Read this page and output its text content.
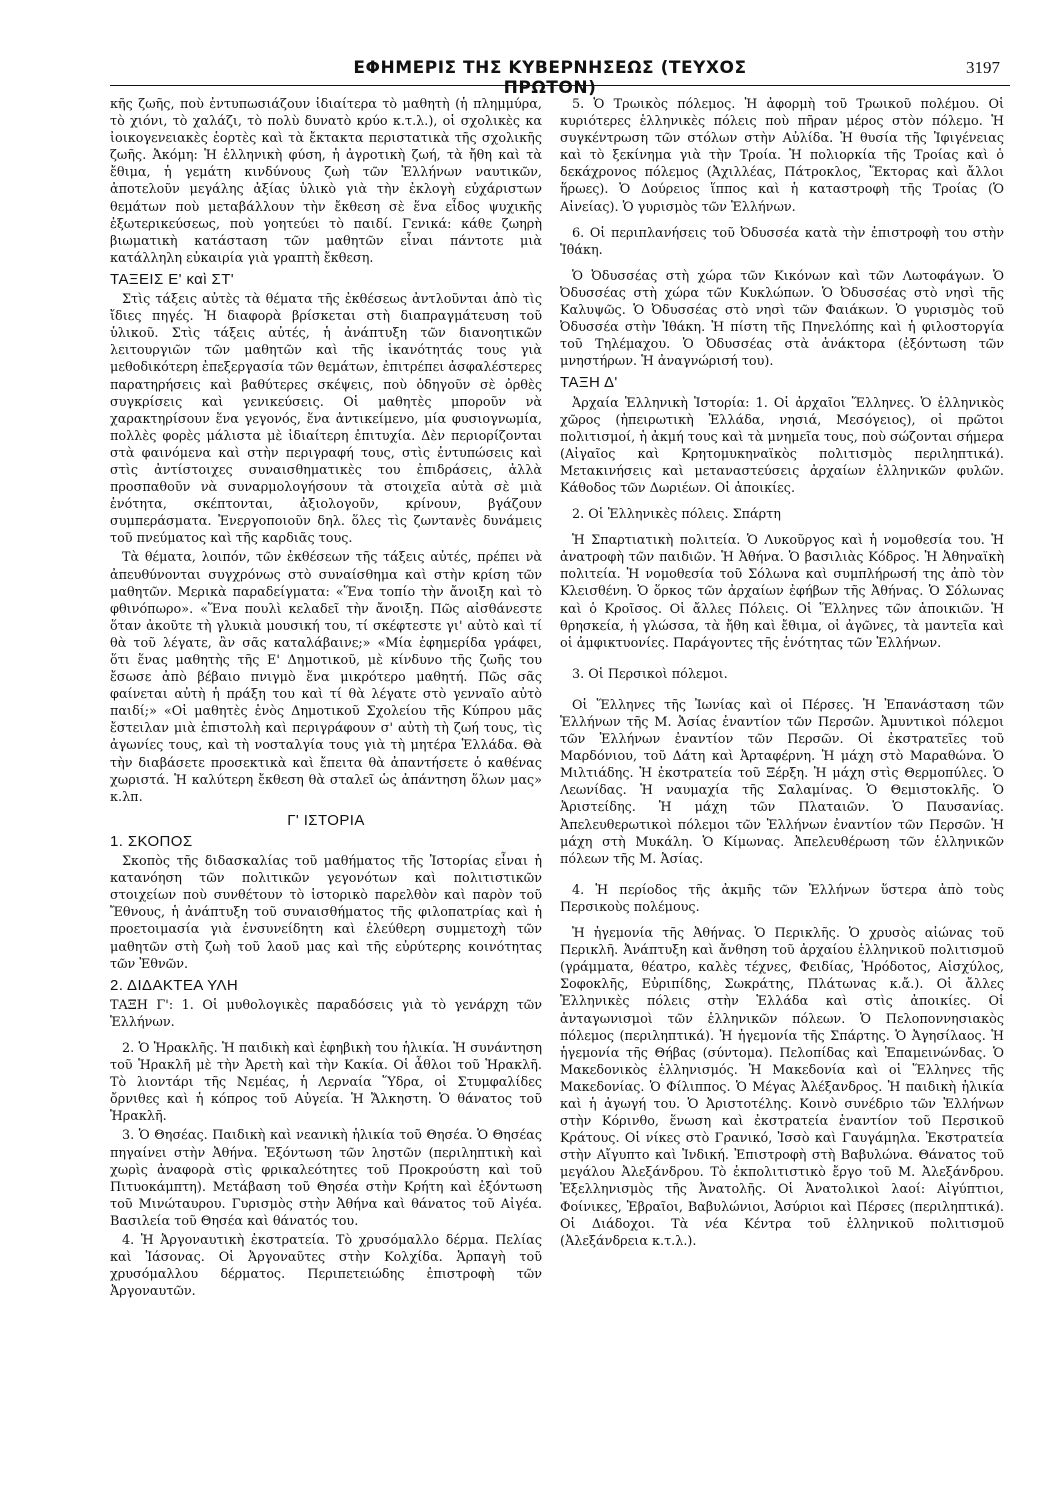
ΕΦΗΜΕΡΙΣ ΤΗΣ ΚΥΒΕΡΝΗΣΕΩΣ (ΤΕΥΧΟΣ ΠΡΩΤΟΝ)
3197

κῆς ζωῆς, ποὺ ἐντυπωσιάζουν ἰδιαίτερα τὸ μαθητὴ (ἡ πλημμύρα, τὸ χιόνι, τὸ χαλάζι, τὸ πολὺ δυνατὸ κρύο κ.τ.λ.), οἱ σχολικὲς κα ἰοικογενειακὲς ἑορτὲς καὶ τὰ ἔκτακτα περιστατικὰ τῆς σχολικῆς ζωῆς. Ἀκόμη: Ἡ ἑλληνικὴ φύση, ἡ ἀγροτικὴ ζωή, τὰ ἤθη καὶ τὰ ἔθιμα, ἡ γεμάτη κινδύνους ζωὴ τῶν Ἑλλήνων ναυτικῶν, ἀποτελοῦν μεγάλης ἀξίας ὑλικὸ γιὰ τὴν ἐκλογὴ εὐχάριστων θεμάτων ποὺ μεταβάλλουν τὴν ἔκθεση σὲ ἕνα εἶδος ψυχικῆς ἐξωτερικεύσεως, ποὺ γοητεύει τὸ παιδί. Γενικά: κάθε ζωηρὴ βιωματικὴ κατάσταση τῶν μαθητῶν εἶναι πάντοτε μιὰ κατάλληλη εὐκαιρία γιὰ γραπτὴ ἔκθεση.

ΤΑΞΕΙΣ Ε' καὶ ΣΤ'

Στὶς τάξεις αὐτὲς τὰ θέματα τῆς ἐκθέσεως ἀντλοῦνται ἀπὸ τὶς ἴδιες πηγές. Ἡ διαφορὰ βρίσκεται στὴ διαπραγμάτευση τοῦ ὑλικοῦ. Στὶς τάξεις αὐτές, ἡ ἀνάπτυξη τῶν διανοητικῶν λειτουργιῶν τῶν μαθητῶν καὶ τῆς ἱκανότητάς τους γιὰ μεθοδικότερη ἐπεξεργασία τῶν θεμάτων, ἐπιτρέπει ἀσφαλέστερες παρατηρήσεις καὶ βαθύτερες σκέψεις, ποὺ ὁδηγοῦν σὲ ὀρθὲς συγκρίσεις καὶ γενικεύσεις. Οἱ μαθητὲς μποροῦν νὰ χαρακτηρίσουν ἕνα γεγονός, ἕνα ἀντικείμενο, μία φυσιογνωμία, πολλὲς φορὲς μάλιστα μὲ ἰδιαίτερη ἐπιτυχία. Δὲν περιορίζονται στὰ φαινόμενα καὶ στὴν περιγραφή τους, στὶς ἐντυπώσεις καὶ στὶς ἀντίστοιχες συναισθηματικὲς του ἐπιδράσεις, ἀλλὰ προσπαθοῦν νὰ συναρμολογήσουν τὰ στοιχεῖα αὐτὰ σὲ μιὰ ἑνότητα, σκέπτονται, ἀξιολογοῦν, κρίνουν, βγάζουν συμπεράσματα. Ἐνεργοποιοῦν δηλ. ὅλες τὶς ζωντανὲς δυνάμεις τοῦ πνεύματος καὶ τῆς καρδιᾶς τους.

Τὰ θέματα, λοιπόν, τῶν ἐκθέσεων τῆς τάξεις αὐτές, πρέπει νὰ ἀπευθύνονται συγχρόνως στὸ συναίσθημα καὶ στὴν κρίση τῶν μαθητῶν. Μερικὰ παραδείγματα: «Ἕνα τοπίο τὴν ἄνοιξη καὶ τὸ φθινόπωρο». «Ἕνα πουλὶ κελαδεῖ τὴν ἄνοιξη. Πῶς αἰσθάνεστε ὅταν ἀκοῦτε τὴ γλυκιὰ μουσική του, τί σκέφτεστε γι' αὐτὸ καὶ τί θὰ τοῦ λέγατε, ἂν σᾶς καταλάβαινε;» «Μία ἐφημερίδα γράφει, ὅτι ἕνας μαθητὴς τῆς Ε' Δημοτικοῦ, μὲ κίνδυνο τῆς ζωῆς του ἔσωσε ἀπὸ βέβαιο πνιγμὸ ἕνα μικρότερο μαθητή. Πῶς σᾶς φαίνεται αὐτὴ ἡ πράξη του καὶ τί θὰ λέγατε στὸ γενναῖο αὐτὸ παιδί;» «Οἱ μαθητὲς ἑνὸς Δημοτικοῦ Σχολείου τῆς Κύπρου μᾶς ἔστειλαν μιὰ ἐπιστολὴ καὶ περιγράφουν σ' αὐτὴ τὴ ζωή τους, τὶς ἀγωνίες τους, καὶ τὴ νοσταλγία τους γιὰ τὴ μητέρα Ἑλλάδα. Θὰ τὴν διαβάσετε προσεκτικὰ καὶ ἔπειτα θὰ ἀπαντήσετε ὁ καθένας χωριστά. Ἡ καλύτερη ἔκθεση θὰ σταλεῖ ὡς ἀπάντηση ὅλων μας» κ.λπ.

Γ' ΙΣΤΟΡΙΑ
1. ΣΚΟΠΟΣ

Σκοπὸς τῆς διδασκαλίας τοῦ μαθήματος τῆς Ἱστορίας εἶναι ἡ κατανόηση τῶν πολιτικῶν γεγονότων καὶ πολιτιστικῶν στοιχείων ποὺ συνθέτουν τὸ ἱστορικὸ παρελθὸν καὶ παρὸν τοῦ Ἔθνους, ἡ ἀνάπτυξη τοῦ συναισθήματος τῆς φιλοπατρίας καὶ ἡ προετοιμασία γιὰ ἐνσυνείδητη καὶ ἐλεύθερη συμμετοχὴ τῶν μαθητῶν στὴ ζωὴ τοῦ λαοῦ μας καὶ τῆς εὐρύτερης κοινότητας τῶν Ἐθνῶν.

2. ΔΙΔΑΚΤΕΑ ΥΛΗ

ΤΑΞΗ Γ': 1. Οἱ μυθολογικὲς παραδόσεις γιὰ τὸ γενάρχη τῶν Ἑλλήνων.

2. Ὁ Ἡρακλῆς. Ἡ παιδικὴ καὶ ἐφηβικὴ του ἡλικία. Ἡ συνάντηση τοῦ Ἡρακλῆ μὲ τὴν Ἀρετὴ καὶ τὴν Κακία. Οἱ ἆθλοι τοῦ Ἡρακλῆ. Τὸ λιοντάρι τῆς Νεμέας, ἡ Λερναία Ὕδρα, οἱ Στυμφαλίδες ὄρνιθες καὶ ἡ κόπρος τοῦ Αὐγεία. Ἡ Ἄλκηστη. Ὁ θάνατος τοῦ Ἡρακλῆ.

3. Ὁ Θησέας. Παιδικὴ καὶ νεανικὴ ἡλικία τοῦ Θησέα. Ὁ Θησέας πηγαίνει στὴν Ἀθήνα. Ἐξόντωση τῶν ληστῶν (περιληπτικὴ καὶ χωρὶς ἀναφορὰ στὶς φρικαλεότητες τοῦ Προκρούστη καὶ τοῦ Πιτυοκάμπτη). Μετάβαση τοῦ Θησέα στὴν Κρήτη καὶ ἐξόντωση τοῦ Μινώταυρου. Γυρισμὸς στὴν Ἀθήνα καὶ θάνατος τοῦ Αἰγέα. Βασιλεία τοῦ Θησέα καὶ θάνατός του.

4. Ἡ Ἀργοναυτικὴ ἐκστρατεία. Τὸ χρυσόμαλλο δέρμα. Πελίας καὶ Ἰάσονας. Οἱ Ἀργοναῦτες στὴν Κολχίδα. Ἁρπαγὴ τοῦ χρυσόμαλλου δέρματος. Περιπετειώδης ἐπιστροφὴ τῶν Ἀργοναυτῶν.

5. Ὁ Τρωικὸς πόλεμος. Ἡ ἀφορμὴ τοῦ Τρωικοῦ πολέμου. Οἱ κυριότερες ἑλληνικὲς πόλεις ποὺ πῆραν μέρος στὸν πόλεμο. Ἡ συγκέντρωση τῶν στόλων στὴν Αὐλίδα. Ἡ θυσία τῆς Ἰφιγένειας καὶ τὸ ξεκίνημα γιὰ τὴν Τροία. Ἡ πολιορκία τῆς Τροίας καὶ ὁ δεκάχρονος πόλεμος (Ἀχιλλέας, Πάτροκλος, Ἕκτορας καὶ ἄλλοι ἥρωες). Ὁ Δούρειος ἵππος καὶ ἡ καταστροφὴ τῆς Τροίας (Ὁ Αἰνείας). Ὁ γυρισμὸς τῶν Ἑλλήνων.

6. Οἱ περιπλανήσεις τοῦ Ὀδυσσέα κατὰ τὴν ἐπιστροφὴ του στὴν Ἰθάκη.

Ὁ Ὀδυσσέας στὴ χώρα τῶν Κικόνων καὶ τῶν Λωτοφάγων. Ὁ Ὀδυσσέας στὴ χώρα τῶν Κυκλώπων. Ὁ Ὀδυσσέας στὸ νησὶ τῆς Καλυψῶς. Ὁ Ὀδυσσέας στὸ νησὶ τῶν Φαιάκων. Ὁ γυρισμὸς τοῦ Ὀδυσσέα στὴν Ἰθάκη. Ἡ πίστη τῆς Πηνελόπης καὶ ἡ φιλοστοργία τοῦ Τηλέμαχου. Ὁ Ὀδυσσέας στὰ ἀνάκτορα (ἐξόντωση τῶν μνηστήρων. Ἡ ἀναγνώρισή του).

ΤΑΞΗ Δ'

Ἀρχαία Ἑλληνικὴ Ἱστορία: 1. Οἱ ἀρχαῖοι Ἕλληνες. Ὁ ἑλληνικὸς χῶρος (ἠπειρωτικὴ Ἑλλάδα, νησιά, Μεσόγειος), οἱ πρῶτοι πολιτισμοί, ἡ ἀκμή τους καὶ τὰ μνημεῖα τους, ποὺ σώζονται σήμερα (Αἰγαῖος καὶ Κρητομυκηναϊκὸς πολιτισμὸς περιληπτικά). Μετακινήσεις καὶ μεταναστεύσεις ἀρχαίων ἑλληνικῶν φυλῶν. Κάθοδος τῶν Δωριέων. Οἱ ἀποικίες.

2. Οἱ Ἑλληνικὲς πόλεις. Σπάρτη

Ἡ Σπαρτιατικὴ πολιτεία. Ὁ Λυκοῦργος καὶ ἡ νομοθεσία του. Ἡ ἀνατροφὴ τῶν παιδιῶν. Ἡ Ἀθήνα. Ὁ βασιλιὰς Κόδρος. Ἡ Ἀθηναϊκὴ πολιτεία. Ἡ νομοθεσία τοῦ Σόλωνα καὶ συμπλήρωσή της ἀπὸ τὸν Κλεισθένη. Ὁ ὅρκος τῶν ἀρχαίων ἐφήβων τῆς Ἀθήνας. Ὁ Σόλωνας καὶ ὁ Κροῖσος. Οἱ ἄλλες Πόλεις. Οἱ Ἕλληνες τῶν ἀποικιῶν. Ἡ θρησκεία, ἡ γλώσσα, τὰ ἤθη καὶ ἔθιμα, οἱ ἀγῶνες, τὰ μαντεῖα καὶ οἱ ἀμφικτυονίες. Παράγοντες τῆς ἑνότητας τῶν Ἑλλήνων.

3. Οἱ Περσικοὶ πόλεμοι.

Οἱ Ἕλληνες τῆς Ἰωνίας καὶ οἱ Πέρσες. Ἡ Ἐπανάσταση τῶν Ἑλλήνων τῆς Μ. Ἀσίας ἐναντίον τῶν Περσῶν. Ἀμυντικοὶ πόλεμοι τῶν Ἑλλήνων ἐναντίον τῶν Περσῶν. Οἱ ἐκστρατεῖες τοῦ Μαρδόνιου, τοῦ Δάτη καὶ Ἀρταφέρνη. Ἡ μάχη στὸ Μαραθώνα. Ὁ Μιλτιάδης. Ἡ ἐκστρατεία τοῦ Ξέρξη. Ἡ μάχη στὶς Θερμοπύλες. Ὁ Λεωνίδας. Ἡ ναυμαχία τῆς Σαλαμίνας. Ὁ Θεμιστοκλῆς. Ὁ Ἀριστείδης. Ἡ μάχη τῶν Πλαταιῶν. Ὁ Παυσανίας. Ἀπελευθερωτικοὶ πόλεμοι τῶν Ἑλλήνων ἐναντίον τῶν Περσῶν. Ἡ μάχη στὴ Μυκάλη. Ὁ Κίμωνας. Ἀπελευθέρωση τῶν ἑλληνικῶν πόλεων τῆς Μ. Ἀσίας.

4. Ἡ περίοδος τῆς ἀκμῆς τῶν Ἑλλήνων ὕστερα ἀπὸ τοὺς Περσικοὺς πολέμους.

Ἡ ἡγεμονία τῆς Ἀθήνας. Ὁ Περικλῆς. Ὁ χρυσὸς αἰώνας τοῦ Περικλῆ. Ἀνάπτυξη καὶ ἄνθηση τοῦ ἀρχαίου ἑλληνικοῦ πολιτισμοῦ (γράμματα, θέατρο, καλὲς τέχνες, Φειδίας, Ἡρόδοτος, Αἰσχύλος, Σοφοκλῆς, Εὐριπίδης, Σωκράτης, Πλάτωνας κ.ἄ.). Οἱ ἄλλες Ἑλληνικὲς πόλεις στὴν Ἑλλάδα καὶ στὶς ἀποικίες. Οἱ ἀνταγωνισμοὶ τῶν ἑλληνικῶν πόλεων. Ὁ Πελοποννησιακὸς πόλεμος (περιληπτικά). Ἡ ἡγεμονία τῆς Σπάρτης. Ὁ Ἀγησίλαος. Ἡ ἡγεμονία τῆς Θήβας (σύντομα). Πελοπίδας καὶ Ἐπαμεινώνδας. Ὁ Μακεδονικὸς ἑλληνισμός. Ἡ Μακεδονία καὶ οἱ Ἕλληνες τῆς Μακεδονίας. Ὁ Φίλιππος. Ὁ Μέγας Ἀλέξανδρος. Ἡ παιδικὴ ἡλικία καὶ ἡ ἀγωγή του. Ὁ Ἀριστοτέλης. Κοινὸ συνέδριο τῶν Ἑλλήνων στὴν Κόρινθο, ἕνωση καὶ ἐκστρατεία ἐναντίον τοῦ Περσικοῦ Κράτους. Οἱ νίκες στὸ Γρανικό, Ἰσσὸ καὶ Γαυγάμηλα. Ἐκστρατεία στὴν Αἴγυπτο καὶ Ἰνδική. Ἐπιστροφὴ στὴ Βαβυλώνα. Θάνατος τοῦ μεγάλου Ἀλεξάνδρου. Τὸ ἐκπολιτιστικὸ ἔργο τοῦ Μ. Ἀλεξάνδρου. Ἐξελληνισμὸς τῆς Ἀνατολῆς. Οἱ Ἀνατολικοὶ λαοί: Αἰγύπτιοι, Φοίνικες, Ἑβραῖοι, Βαβυλώνιοι, Ἀσύριοι καὶ Πέρσες (περιληπτικά). Οἱ Διάδοχοι. Τὰ νέα Κέντρα τοῦ ἑλληνικοῦ πολιτισμοῦ (Ἀλεξάνδρεια κ.τ.λ.).
